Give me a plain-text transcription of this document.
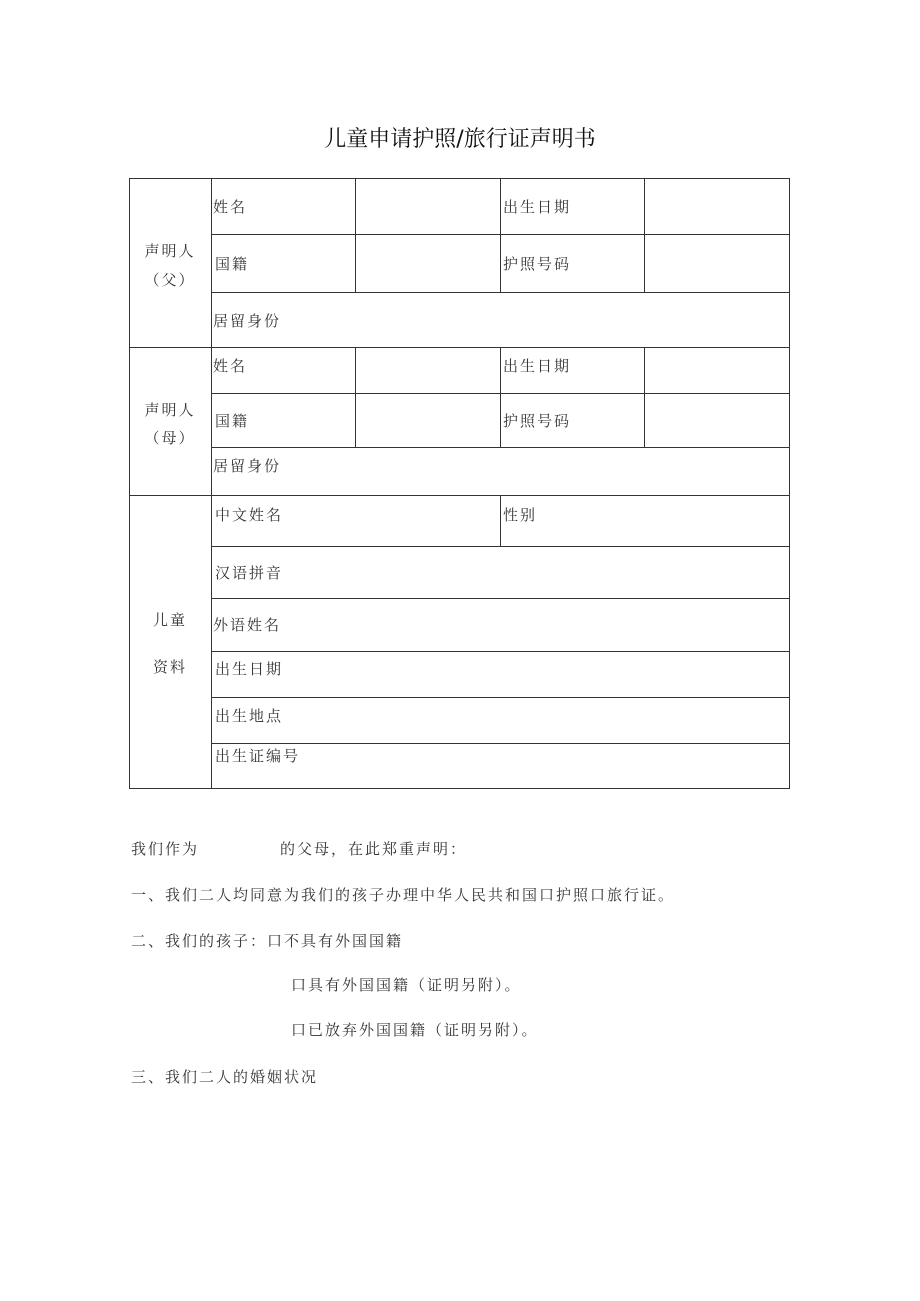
儿童申请护照/旅行证声明书
声明人
（父）
姓名	出生日期
国籍	护照号码
居留身份
声明人
（母）
姓名	出生日期
国籍	护照号码
居留身份
儿童
资料
中文姓名	性别
汉语拼音
外语姓名
出生日期
出生地点
出生证编号
我们作为	的父母，在此郑重声明：
一、我们二人均同意为我们的孩子办理中华人民共和国口护照口旅行证。
二、我们的孩子：口不具有外国国籍
口具有外国国籍（证明另附）。
口已放弃外国国籍（证明另附）。
三、我们二人的婚姻状况
